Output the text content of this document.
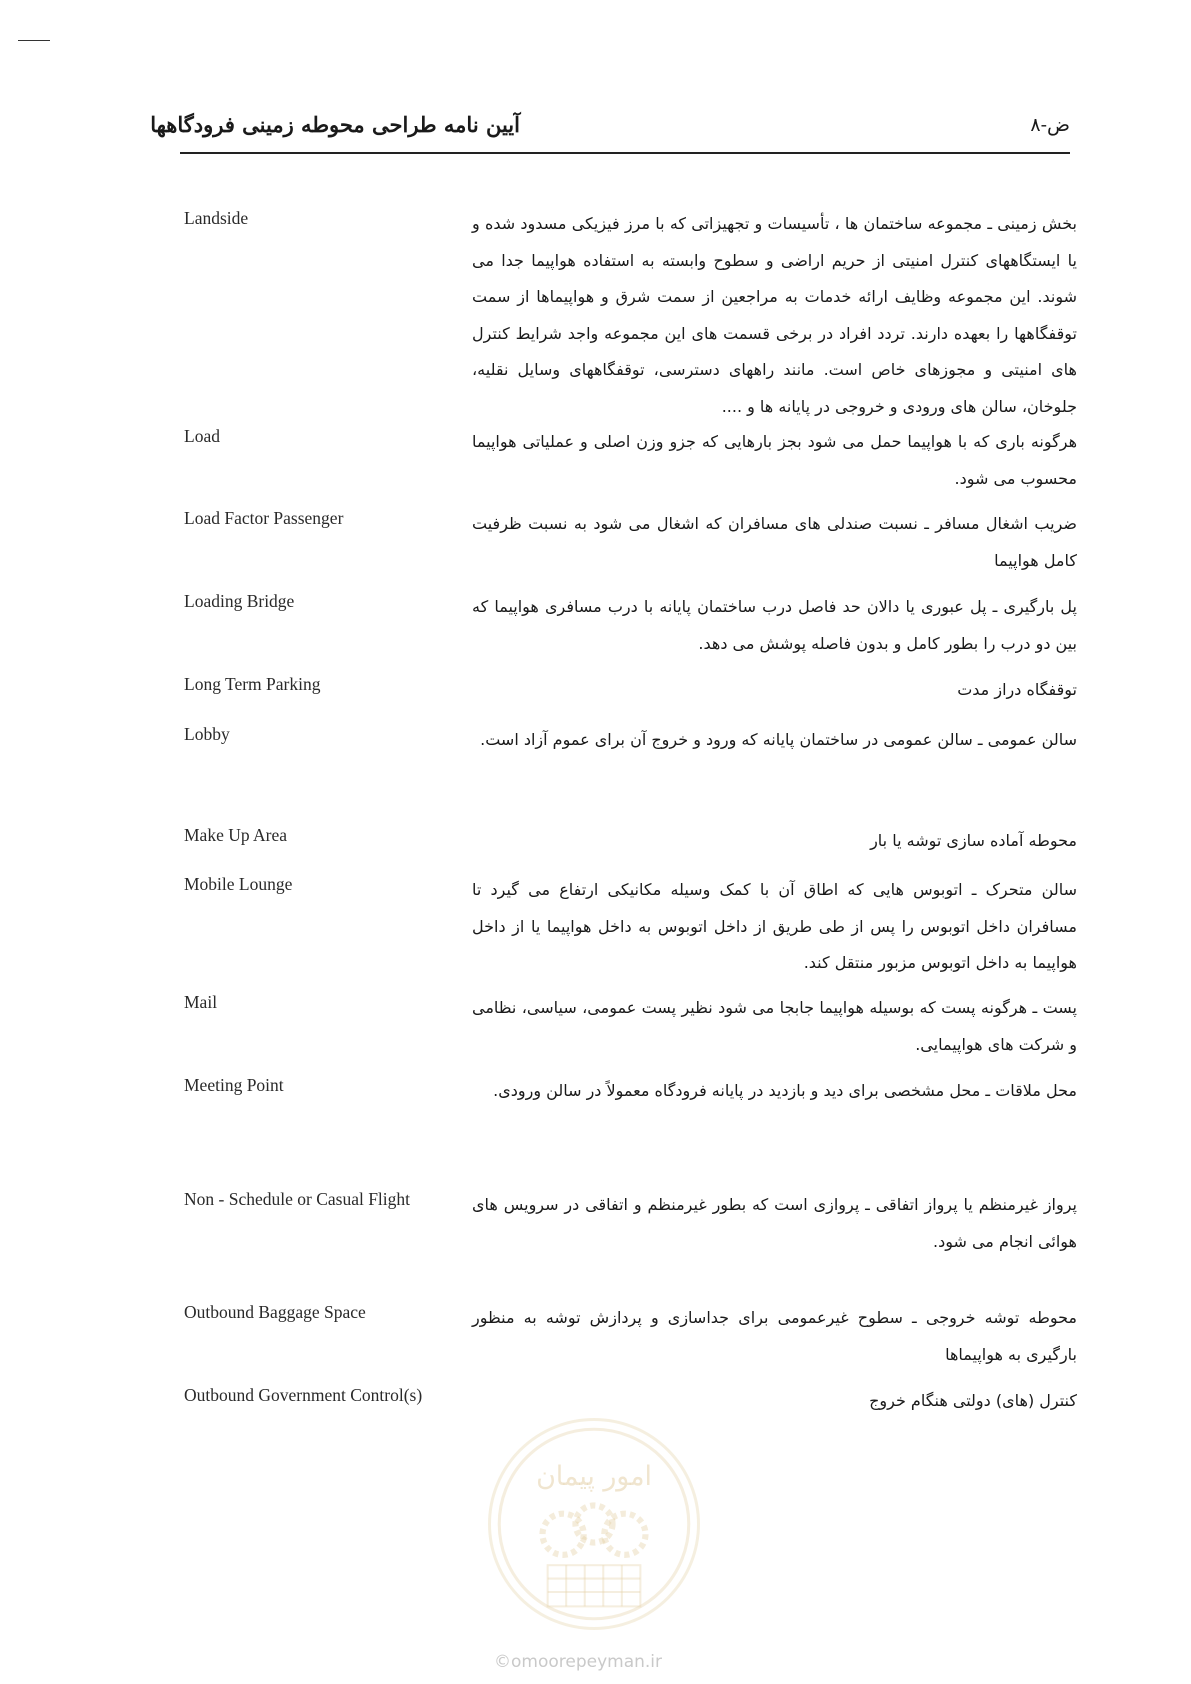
آیین نامه طراحی محوطه زمینی فرودگاهها	ض-۸
Landside	بخش زمینی ـ مجموعه ساختمان ها ، تأسیسات و تجهیزاتی که با مرز فیزیکی مسدود شده و یا ایستگاههای کنترل امنیتی از حریم اراضی و سطوح وابسته به استفاده هواپیما جدا می شوند. این مجموعه وظایف ارائه خدمات به مراجعین از سمت شرق و هواپیماها از سمت توقفگاهها را بعهده دارند. تردد افراد در برخی قسمت های این مجموعه واجد شرایط کنترل های امنیتی و مجوزهای خاص است. مانند راههای دسترسی، توقفگاههای وسایل نقلیه، جلوخان، سالن های ورودی و خروجی در پایانه ها و ....
Load	هرگونه باری که با هواپیما حمل می شود بجز بارهایی که جزو وزن اصلی و عملیاتی هواپیما محسوب می شود.
Load Factor Passenger	ضریب اشغال مسافر ـ نسبت صندلی های مسافران که اشغال می شود به نسبت ظرفیت کامل هواپیما
Loading Bridge	پل بارگیری ـ پل عبوری یا دالان حد فاصل درب ساختمان پایانه با درب مسافری هواپیما که بین دو درب را بطور کامل و بدون فاصله پوشش می دهد.
Long Term Parking	توقفگاه دراز مدت
Lobby	سالن عمومی ـ سالن عمومی در ساختمان پایانه که ورود و خروج آن برای عموم آزاد است.
Make Up Area	محوطه آماده سازی توشه یا بار
Mobile Lounge	سالن متحرک ـ اتوبوس هایی که اطاق آن با کمک وسیله مکانیکی ارتفاع می گیرد تا مسافران داخل اتوبوس را پس از طی طریق از داخل اتوبوس به داخل هواپیما یا از داخل هواپیما به داخل اتوبوس مزبور منتقل کند.
Mail	پست ـ هرگونه پست که بوسیله هواپیما جابجا می شود نظیر پست عمومی، سیاسی، نظامی و شرکت های هواپیمایی.
Meeting Point	محل ملاقات ـ محل مشخصی برای دید و بازدید در پایانه فرودگاه معمولاً در سالن ورودی.
Non - Schedule or Casual Flight	پرواز غیرمنظم یا پرواز اتفاقی ـ پروازی است که بطور غیرمنظم و اتفاقی در سرویس های هوائی انجام می شود.
Outbound Baggage Space	محوطه توشه خروجی ـ سطوح غیرعمومی برای جداسازی و پردازش توشه به منظور بارگیری به هواپیماها
Outbound Government Control(s)	کنترل (های) دولتی هنگام خروج
امور پیمان
©omoorepeyman.ir
